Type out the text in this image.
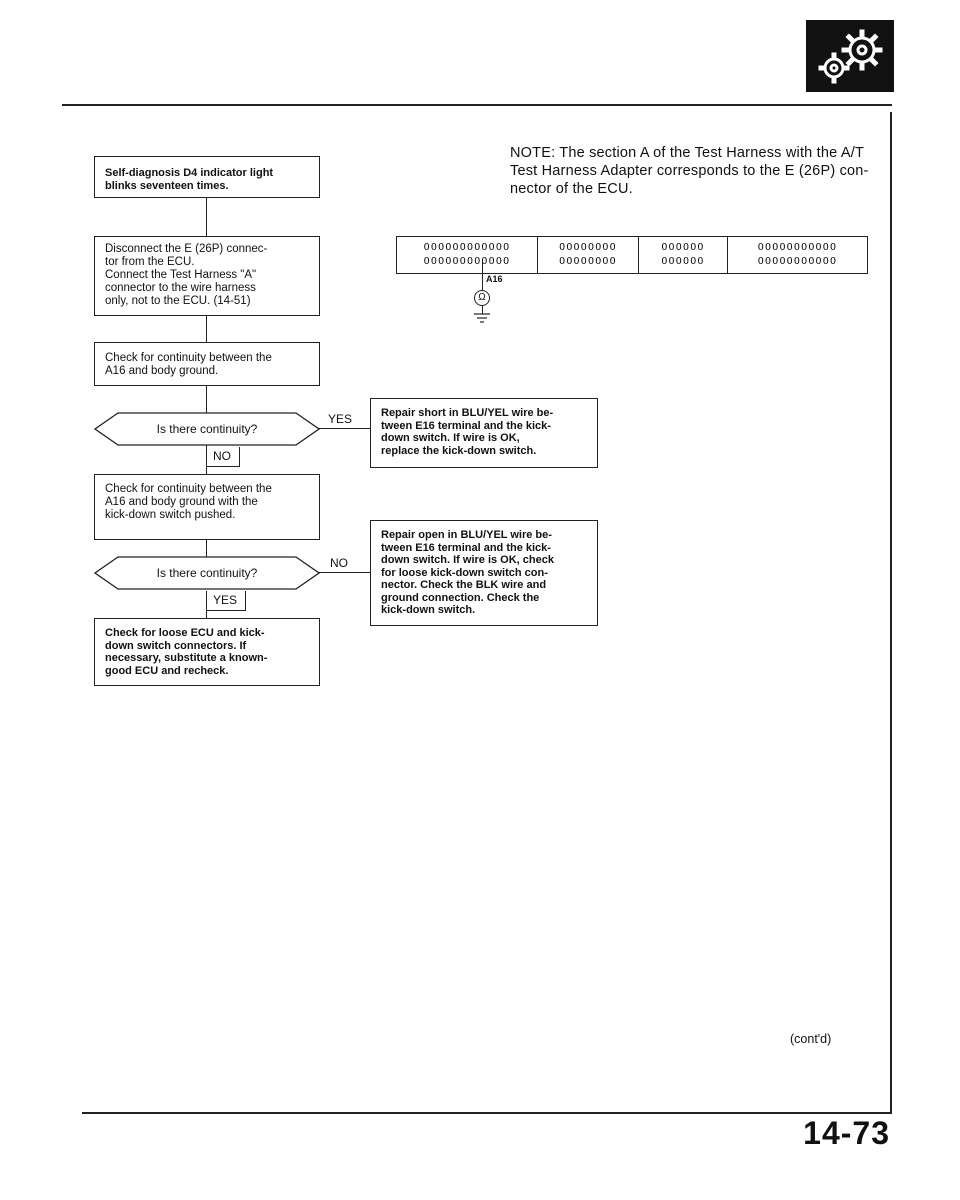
NOTE: The section A of the Test Harness with the A/T
Test Harness Adapter corresponds to the E (26P) con-
nector of the ECU.
OOOOOOOOOOOO
OOOOOOOOOOOO
OOOOOOOO
OOOOOOOO
OOOOOO
OOOOOO
OOOOOOOOOOO
OOOOOOOOOOO
A16
Ω
Self-diagnosis D4 indicator light
blinks seventeen times.
Disconnect the E (26P) connec-
tor from the ECU.
Connect the Test Harness "A"
connector to the wire harness
only, not to the ECU. (14-51)
Check for continuity between the
A16 and body ground.
Is there continuity?
YES
NO
Repair short in BLU/YEL wire be-
tween E16 terminal and the kick-
down switch. If wire is OK,
replace the kick-down switch.
Check for continuity between the
A16 and body ground with the
kick-down switch pushed.
Is there continuity?
NO
YES
Repair open in BLU/YEL wire be-
tween E16 terminal and the kick-
down switch. If wire is OK, check
for loose kick-down switch con-
nector. Check the BLK wire and
ground connection. Check the
kick-down switch.
Check for loose ECU and kick-
down switch connectors. If
necessary, substitute a known-
good ECU and recheck.
(cont'd)
14-73
